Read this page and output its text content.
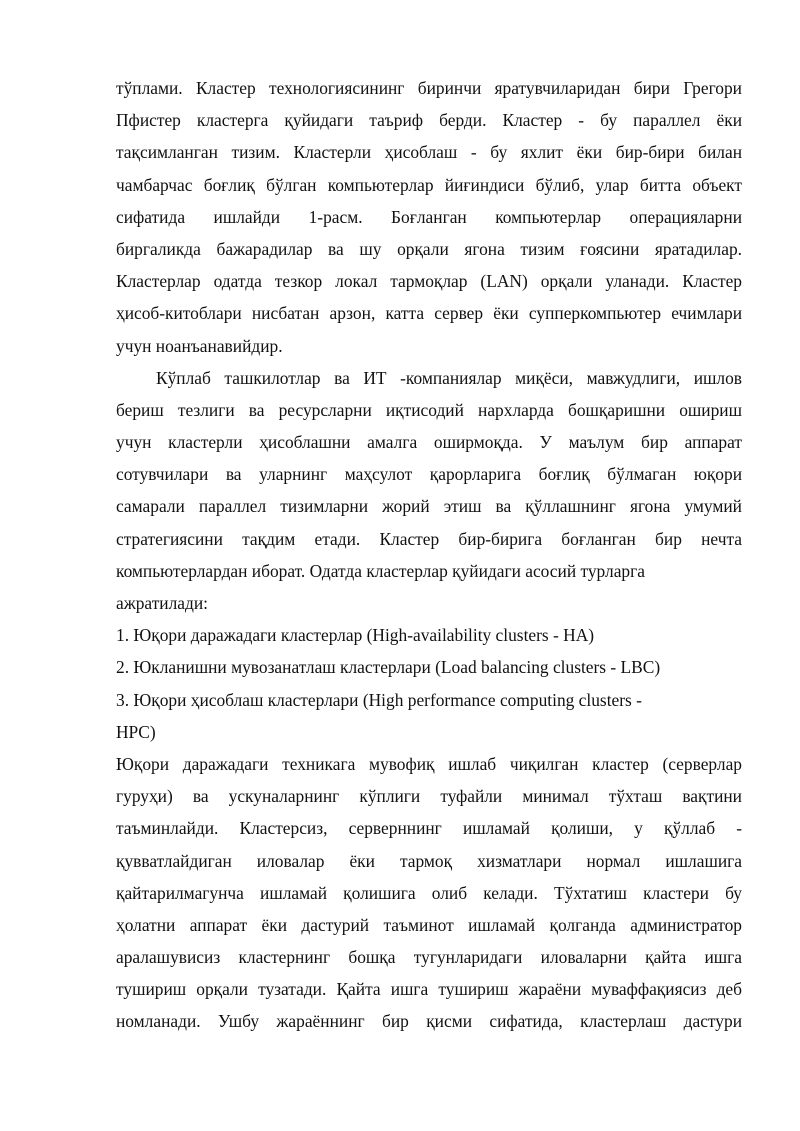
тўплами. Кластер технологиясининг биринчи яратувчиларидан бири Грегори
Пфистер кластерга қуйидаги таъриф берди. Кластер - бу параллел ёки
тақсимланган тизим. Кластерли ҳисоблаш - бу яхлит ёки бир-бири билан
чамбарчас боғлиқ бўлган компьютерлар йиғиндиси бўлиб, улар битта объект
сифатида ишлайди 1-расм. Боғланган компьютерлар операцияларни
биргаликда бажарадилар ва шу орқали ягона тизим ғоясини яратадилар.
Кластерлар одатда тезкор локал тармоқлар (LAN) орқали уланади. Кластер
ҳисоб-китоблари нисбатан арзон, катта сервер ёки супперкомпьютер ечимлари
учун ноанъанавийдир.
Кўплаб ташкилотлар ва ИТ -компаниялар миқёси, мавжудлиги, ишлов
бериш тезлиги ва ресурсларни иқтисодий нархларда бошқаришни ошириш
учун кластерли ҳисоблашни амалга оширмоқда. У маълум бир аппарат
сотувчилари ва уларнинг маҳсулот қарорларига боғлиқ бўлмаган юқори
самарали параллел тизимларни жорий этиш ва қўллашнинг ягона умумий
стратегиясини тақдим етади. Кластер бир-бирига боғланган бир нечта
компьютерлардан иборат. Одатда кластерлар қуйидаги асосий турларга
ажратилади:
1. Юқори даражадаги кластерлар (High-availability clusters - HA)
2. Юкланишни мувозанатлаш кластерлари (Load balancing clusters - LBC)
3. Юқори ҳисоблаш кластерлари (High performance computing clusters -
HPC)
Юқори даражадаги техникага мувофиқ ишлаб чиқилган кластер (серверлар
гуруҳи) ва ускуналарнинг кўплиги туфайли минимал тўхташ вақтини
таъминлайди. Кластерсиз, серверннинг ишламай қолиши, у қўллаб -
қувватлайдиган иловалар ёки тармоқ хизматлари нормал ишлашига
қайтарилмагунча ишламай қолишига олиб келади. Тўхтатиш кластери бу
ҳолатни аппарат ёки дастурий таъминот ишламай қолганда администратор
аралашувисиз кластернинг бошқа тугунларидаги иловаларни қайта ишга
тушириш орқали тузатади. Қайта ишга тушириш жараёни муваффақиясиз деб
номланади. Ушбу жараённинг бир қисми сифатида, кластерлаш дастури
